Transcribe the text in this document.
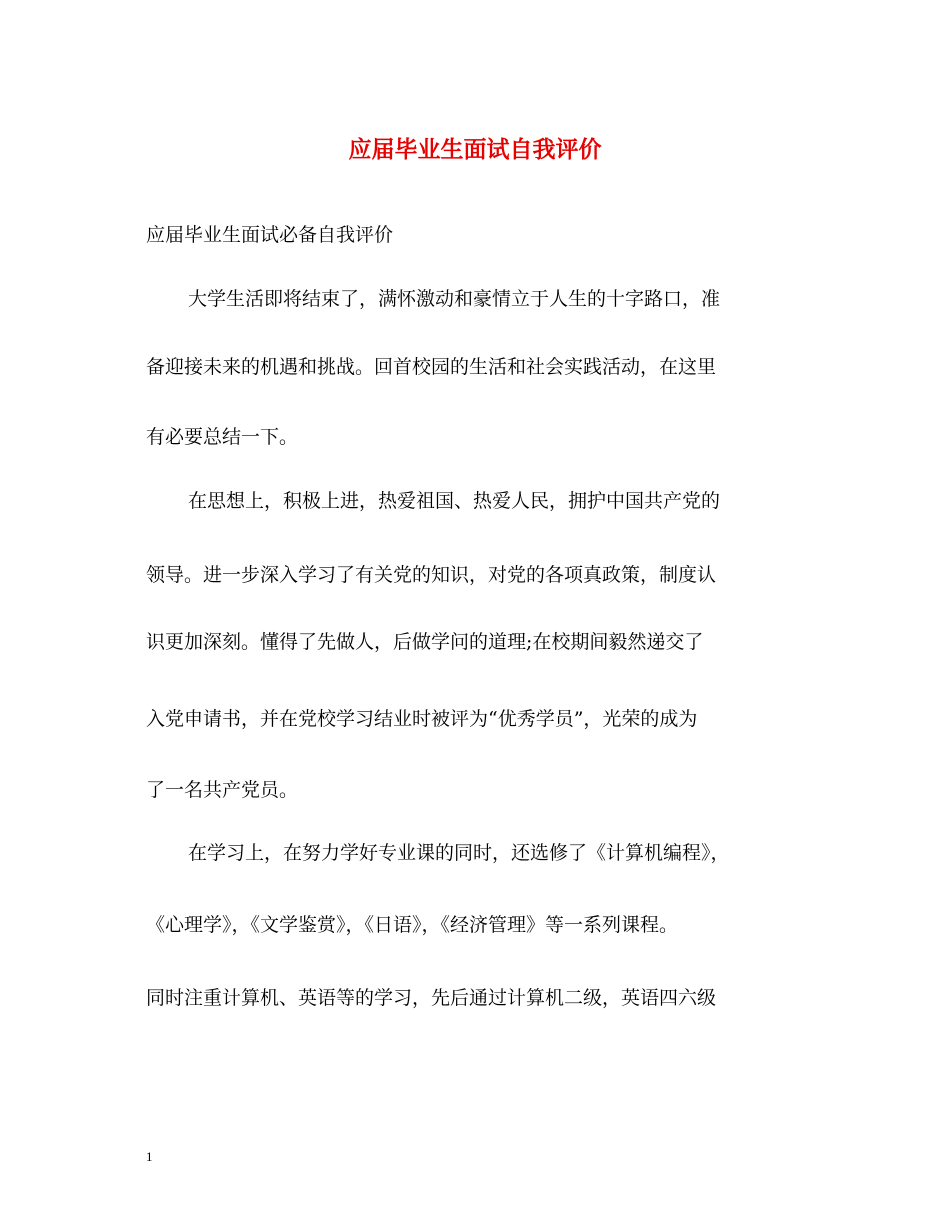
应届毕业生面试自我评价
应届毕业生面试必备自我评价
大学生活即将结束了，满怀激动和豪情立于人生的十字路口，准
备迎接未来的机遇和挑战。回首校园的生活和社会实践活动，在这里
有必要总结一下。
在思想上，积极上进，热爱祖国、热爱人民，拥护中国共产党的
领导。进一步深入学习了有关党的知识，对党的各项真政策，制度认
识更加深刻。懂得了先做人，后做学问的道理;在校期间毅然递交了
入党申请书，并在党校学习结业时被评为“优秀学员”，光荣的成为
了一名共产党员。
在学习上，在努力学好专业课的同时，还选修了《计算机编程》，
《心理学》，《文学鉴赏》，《日语》，《经济管理》等一系列课程。
同时注重计算机、英语等的学习，先后通过计算机二级，英语四六级
1
